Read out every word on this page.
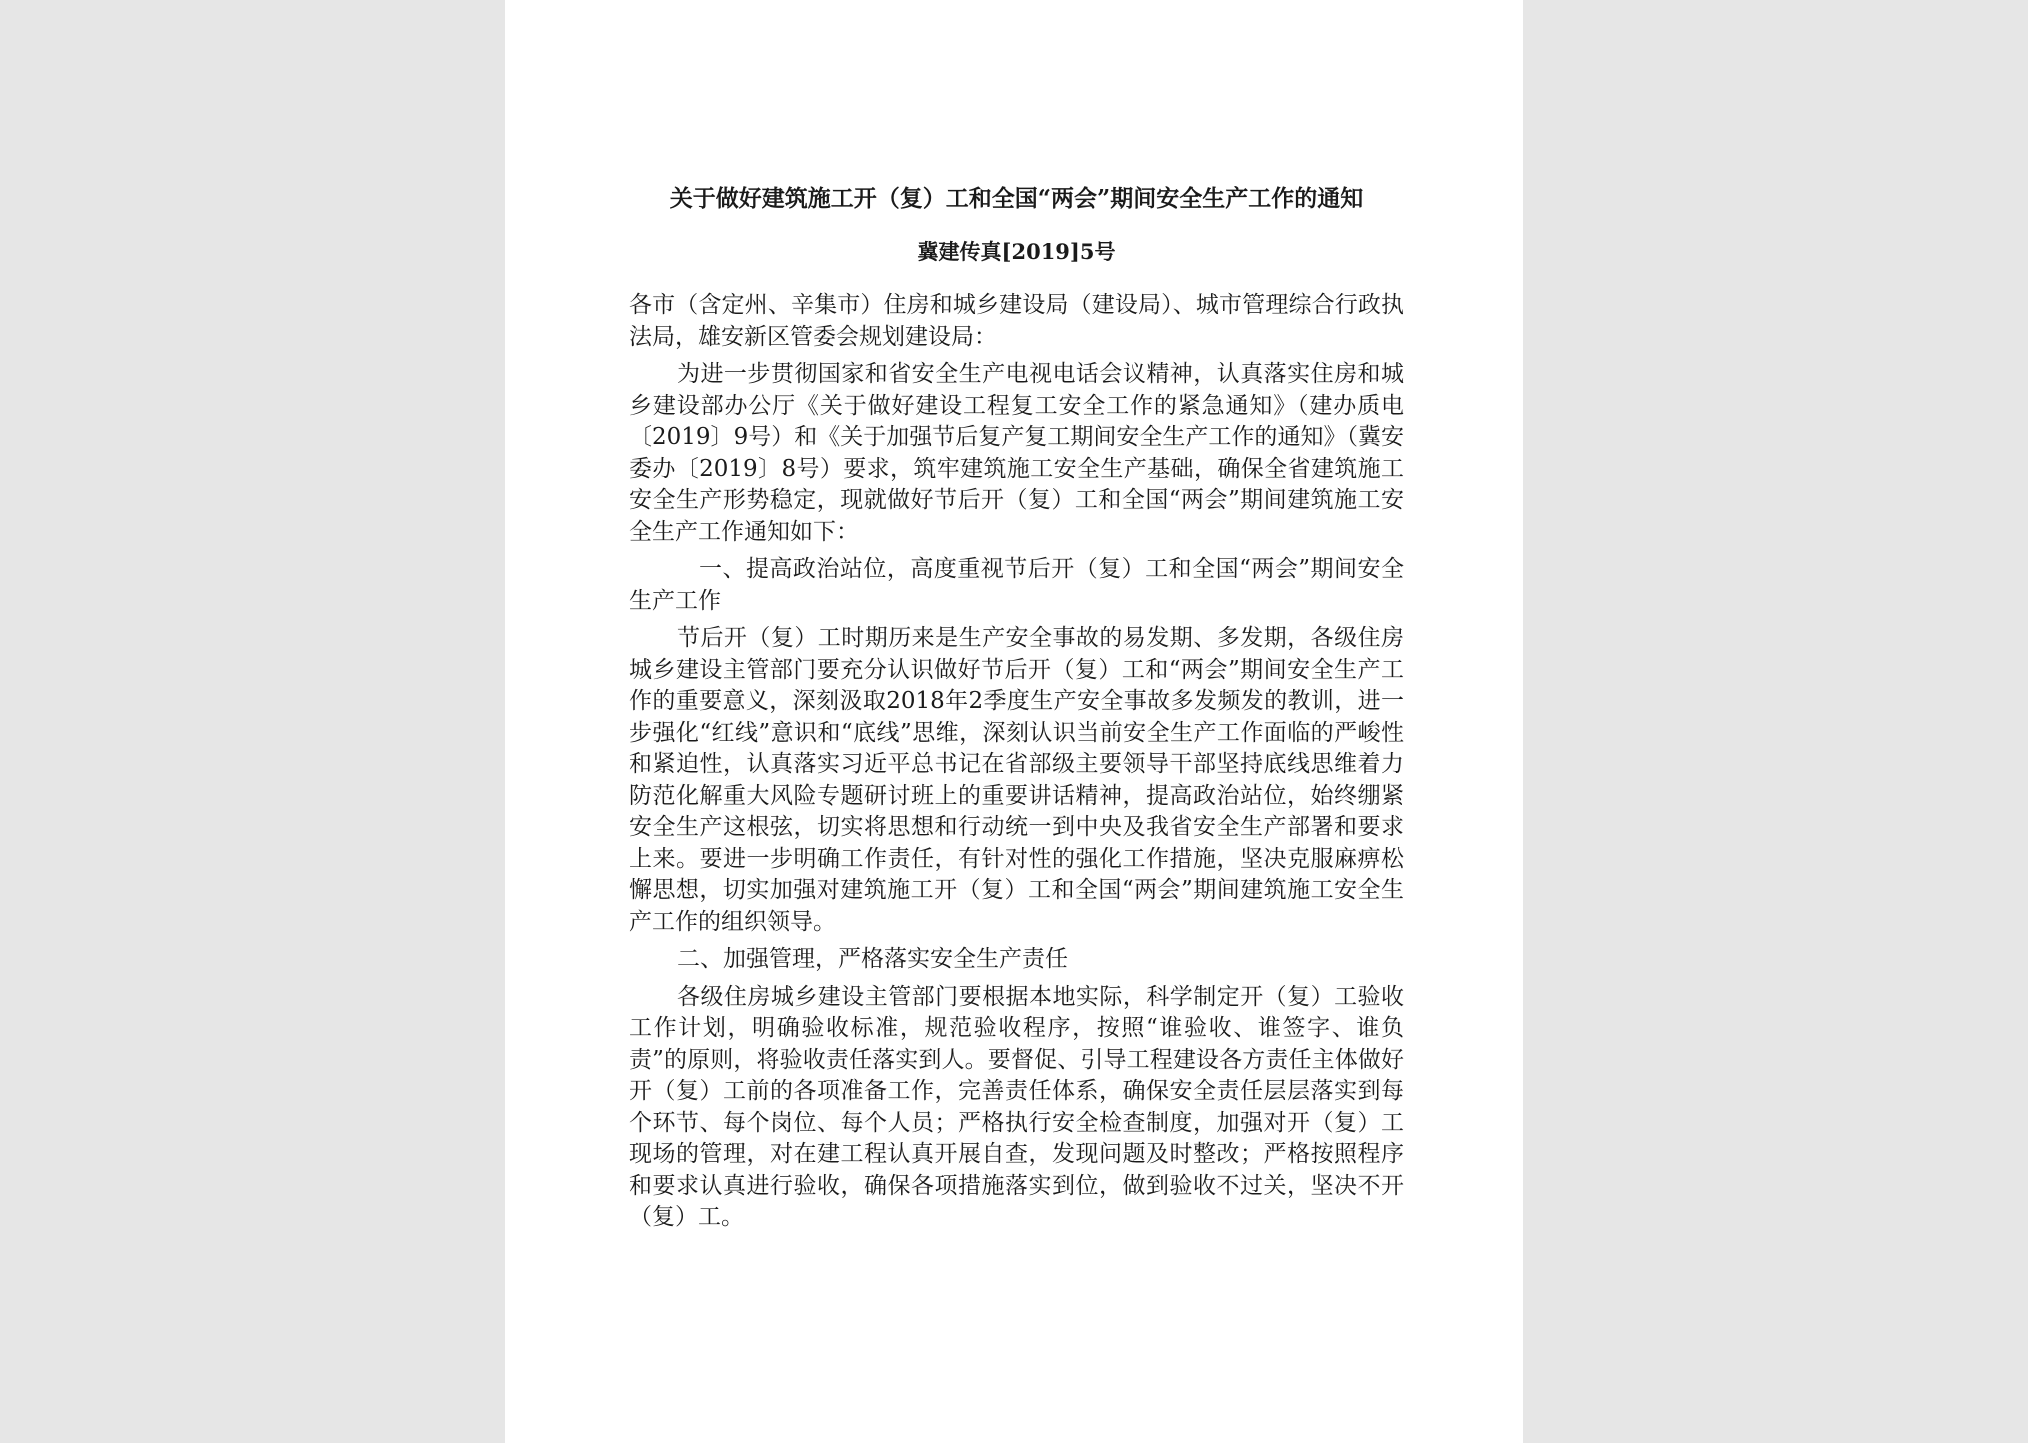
关于做好建筑施工开（复）工和全国“两会”期间安全生产工作的通知

冀建传真[2019]5号

各市（含定州、辛集市）住房和城乡建设局（建设局）、城市管理综合行政执法局，雄安新区管委会规划建设局：

为进一步贯彻国家和省安全生产电视电话会议精神，认真落实住房和城乡建设部办公厅《关于做好建设工程复工安全工作的紧急通知》（建办质电〔2019〕9号）和《关于加强节后复产复工期间安全生产工作的通知》（冀安委办〔2019〕8号）要求，筑牢建筑施工安全生产基础，确保全省建筑施工安全生产形势稳定，现就做好节后开（复）工和全国“两会”期间建筑施工安全生产工作通知如下：

一、提高政治站位，高度重视节后开（复）工和全国“两会”期间安全生产工作

节后开（复）工时期历来是生产安全事故的易发期、多发期，各级住房城乡建设主管部门要充分认识做好节后开（复）工和“两会”期间安全生产工作的重要意义，深刻汲取2018年2季度生产安全事故多发频发的教训，进一步强化“红线”意识和“底线”思维，深刻认识当前安全生产工作面临的严峻性和紧迫性，认真落实习近平总书记在省部级主要领导干部坚持底线思维着力防范化解重大风险专题研讨班上的重要讲话精神，提高政治站位，始终绷紧安全生产这根弦，切实将思想和行动统一到中央及我省安全生产部署和要求上来。要进一步明确工作责任，有针对性的强化工作措施，坚决克服麻痹松懈思想，切实加强对建筑施工开（复）工和全国“两会”期间建筑施工安全生产工作的组织领导。

二、加强管理，严格落实安全生产责任

各级住房城乡建设主管部门要根据本地实际，科学制定开（复）工验收工作计划，明确验收标准，规范验收程序，按照“谁验收、谁签字、谁负责”的原则，将验收责任落实到人。要督促、引导工程建设各方责任主体做好开（复）工前的各项准备工作，完善责任体系，确保安全责任层层落实到每个环节、每个岗位、每个人员；严格执行安全检查制度，加强对开（复）工现场的管理，对在建工程认真开展自查，发现问题及时整改；严格按照程序和要求认真进行验收，确保各项措施落实到位，做到验收不过关，坚决不开（复）工。
